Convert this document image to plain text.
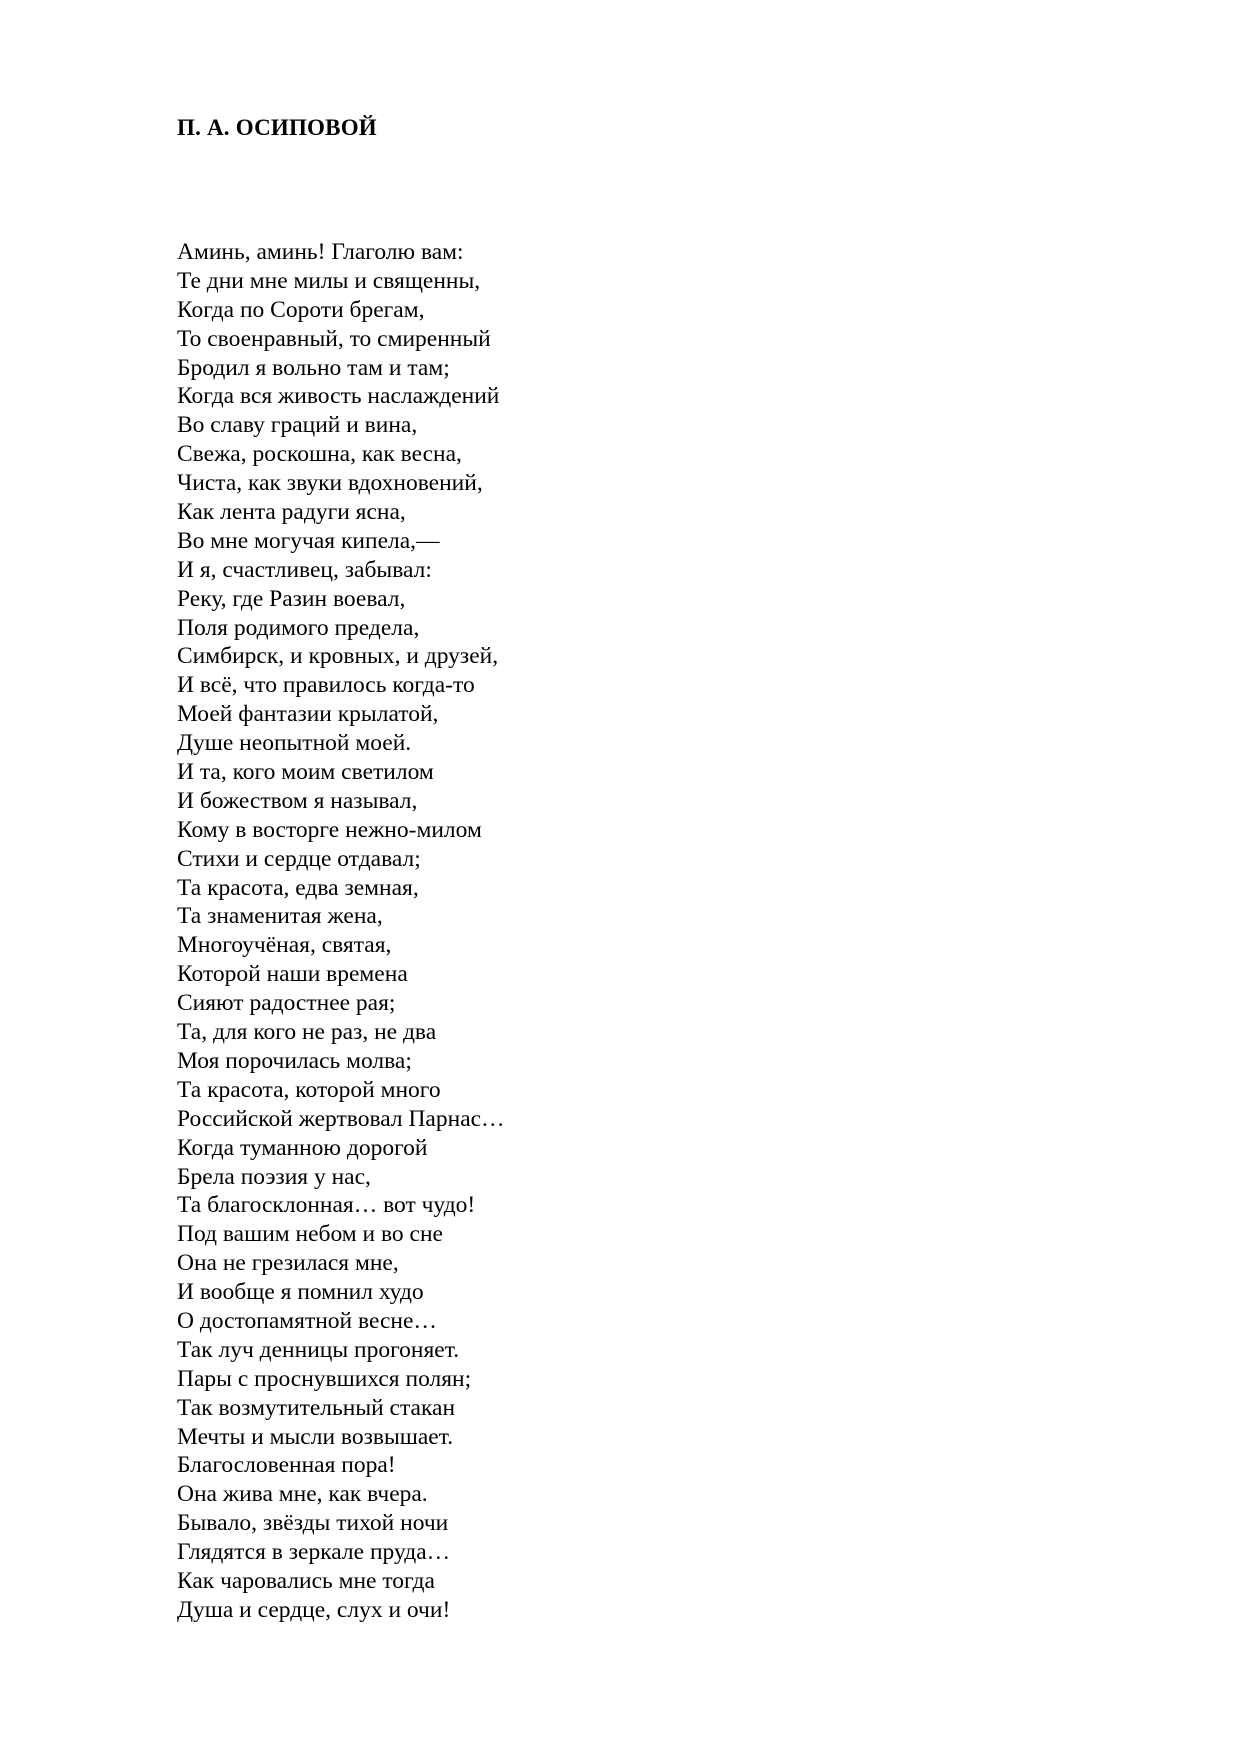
П. А. ОСИПОВОЙ
Аминь, аминь! Глаголю вам:
Те дни мне милы и священны,
Когда по Сороти брегам,
То своенравный, то смиренный
Бродил я вольно там и там;
Когда вся живость наслаждений
Во славу граций и вина,
Свежа, роскошна, как весна,
Чиста, как звуки вдохновений,
Как лента радуги ясна,
Во мне могучая кипела,—
И я, счастливец, забывал:
Реку, где Разин воевал,
Поля родимого предела,
Симбирск, и кровных, и друзей,
И всё, что правилось когда-то
Моей фантазии крылатой,
Душе неопытной моей.
И та, кого моим светилом
И божеством я называл,
Кому в восторге нежно-милом
Стихи и сердце отдавал;
Та красота, едва земная,
Та знаменитая жена,
Многоучёная, святая,
Которой наши времена
Сияют радостнее рая;
Та, для кого не раз, не два
Моя порочилась молва;
Та красота, которой много
Российской жертвовал Парнас…
Когда туманною дорогой
Брела поэзия у нас,
Та благосклонная… вот чудо!
Под вашим небом и во сне
Она не грезилася мне,
И вообще я помнил худо
О достопамятной весне…
Так луч денницы прогоняет.
Пары с проснувшихся полян;
Так возмутительный стакан
Мечты и мысли возвышает.
Благословенная пора!
Она жива мне, как вчера.
Бывало, звёзды тихой ночи
Глядятся в зеркале пруда…
Как чаровались мне тогда
Душа и сердце, слух и очи!
